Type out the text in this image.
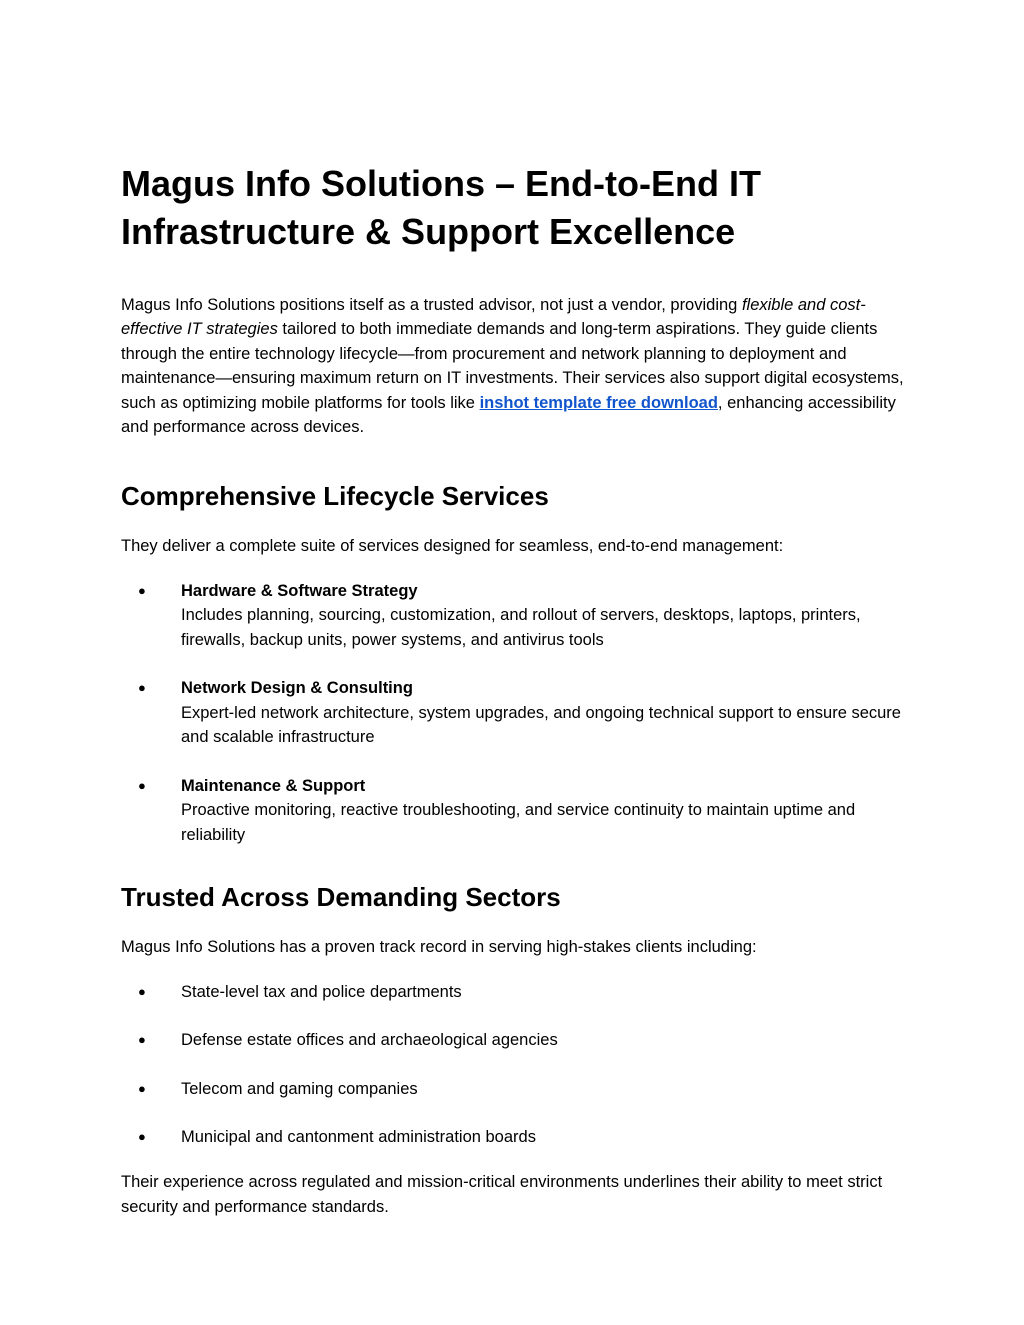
Magus Info Solutions – End-to-End IT
Infrastructure & Support Excellence

Magus Info Solutions positions itself as a trusted advisor, not just a vendor, providing flexible and cost-effective IT strategies tailored to both immediate demands and long-term aspirations. They guide clients through the entire technology lifecycle—from procurement and network planning to deployment and maintenance—ensuring maximum return on IT investments. Their services also support digital ecosystems, such as optimizing mobile platforms for tools like inshot template free download, enhancing accessibility and performance across devices.

Comprehensive Lifecycle Services

They deliver a complete suite of services designed for seamless, end-to-end management:

● Hardware & Software Strategy
Includes planning, sourcing, customization, and rollout of servers, desktops, laptops, printers, firewalls, backup units, power systems, and antivirus tools
● Network Design & Consulting
Expert-led network architecture, system upgrades, and ongoing technical support to ensure secure and scalable infrastructure
● Maintenance & Support
Proactive monitoring, reactive troubleshooting, and service continuity to maintain uptime and reliability
Trusted Across Demanding Sectors

Magus Info Solutions has a proven track record in serving high-stakes clients including:

● State-level tax and police departments
● Defense estate offices and archaeological agencies
● Telecom and gaming companies
● Municipal and cantonment administration boards

Their experience across regulated and mission-critical environments underlines their ability to meet strict security and performance standards.
